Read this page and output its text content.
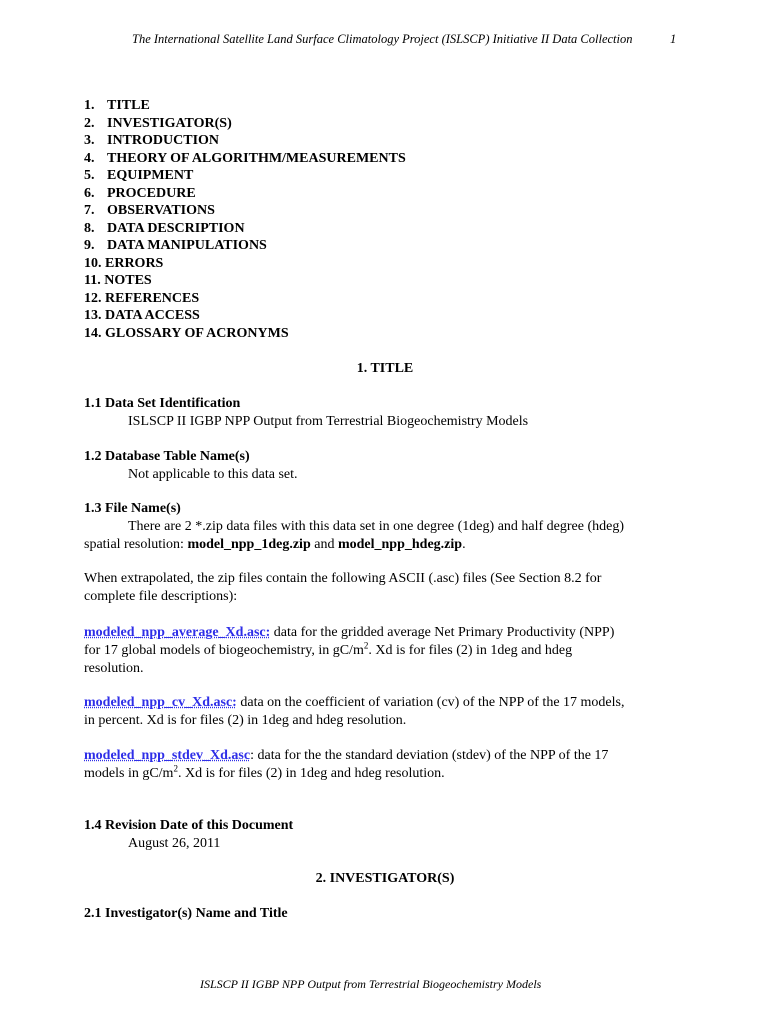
The International Satellite Land Surface Climatology Project (ISLSCP) Initiative II Data Collection	1
1. TITLE
2. INVESTIGATOR(S)
3. INTRODUCTION
4. THEORY OF ALGORITHM/MEASUREMENTS
5. EQUIPMENT
6. PROCEDURE
7. OBSERVATIONS
8. DATA DESCRIPTION
9. DATA MANIPULATIONS
10. ERRORS
11. NOTES
12. REFERENCES
13. DATA ACCESS
14. GLOSSARY OF ACRONYMS
1. TITLE
1.1 Data Set Identification
ISLSCP II IGBP NPP Output from Terrestrial Biogeochemistry Models
1.2 Database Table Name(s)
Not applicable to this data set.
1.3 File Name(s)
There are 2 *.zip data files with this data set in one degree (1deg) and half degree (hdeg)
spatial resolution: model_npp_1deg.zip and model_npp_hdeg.zip.
When extrapolated, the zip files contain the following ASCII (.asc) files (See Section 8.2 for
complete file descriptions):
modeled_npp_average_Xd.asc: data for the gridded average Net Primary Productivity (NPP)
for 17 global models of biogeochemistry, in $gC/m^2$. Xd is for files (2) in 1deg and hdeg
resolution.
modeled_npp_cv_Xd.asc: data on the coefficient of variation (cv) of the NPP of the 17 models,
in percent. Xd is for files (2) in 1deg and hdeg resolution.
modeled_npp_stdev_Xd.asc: data for the the standard deviation (stdev) of the NPP of the 17
models in $gC/m^2$. Xd is for files (2) in 1deg and hdeg resolution.
1.4 Revision Date of this Document
August 26, 2011
2. INVESTIGATOR(S)
2.1 Investigator(s) Name and Title
ISLSCP II IGBP NPP Output from Terrestrial Biogeochemistry Models
